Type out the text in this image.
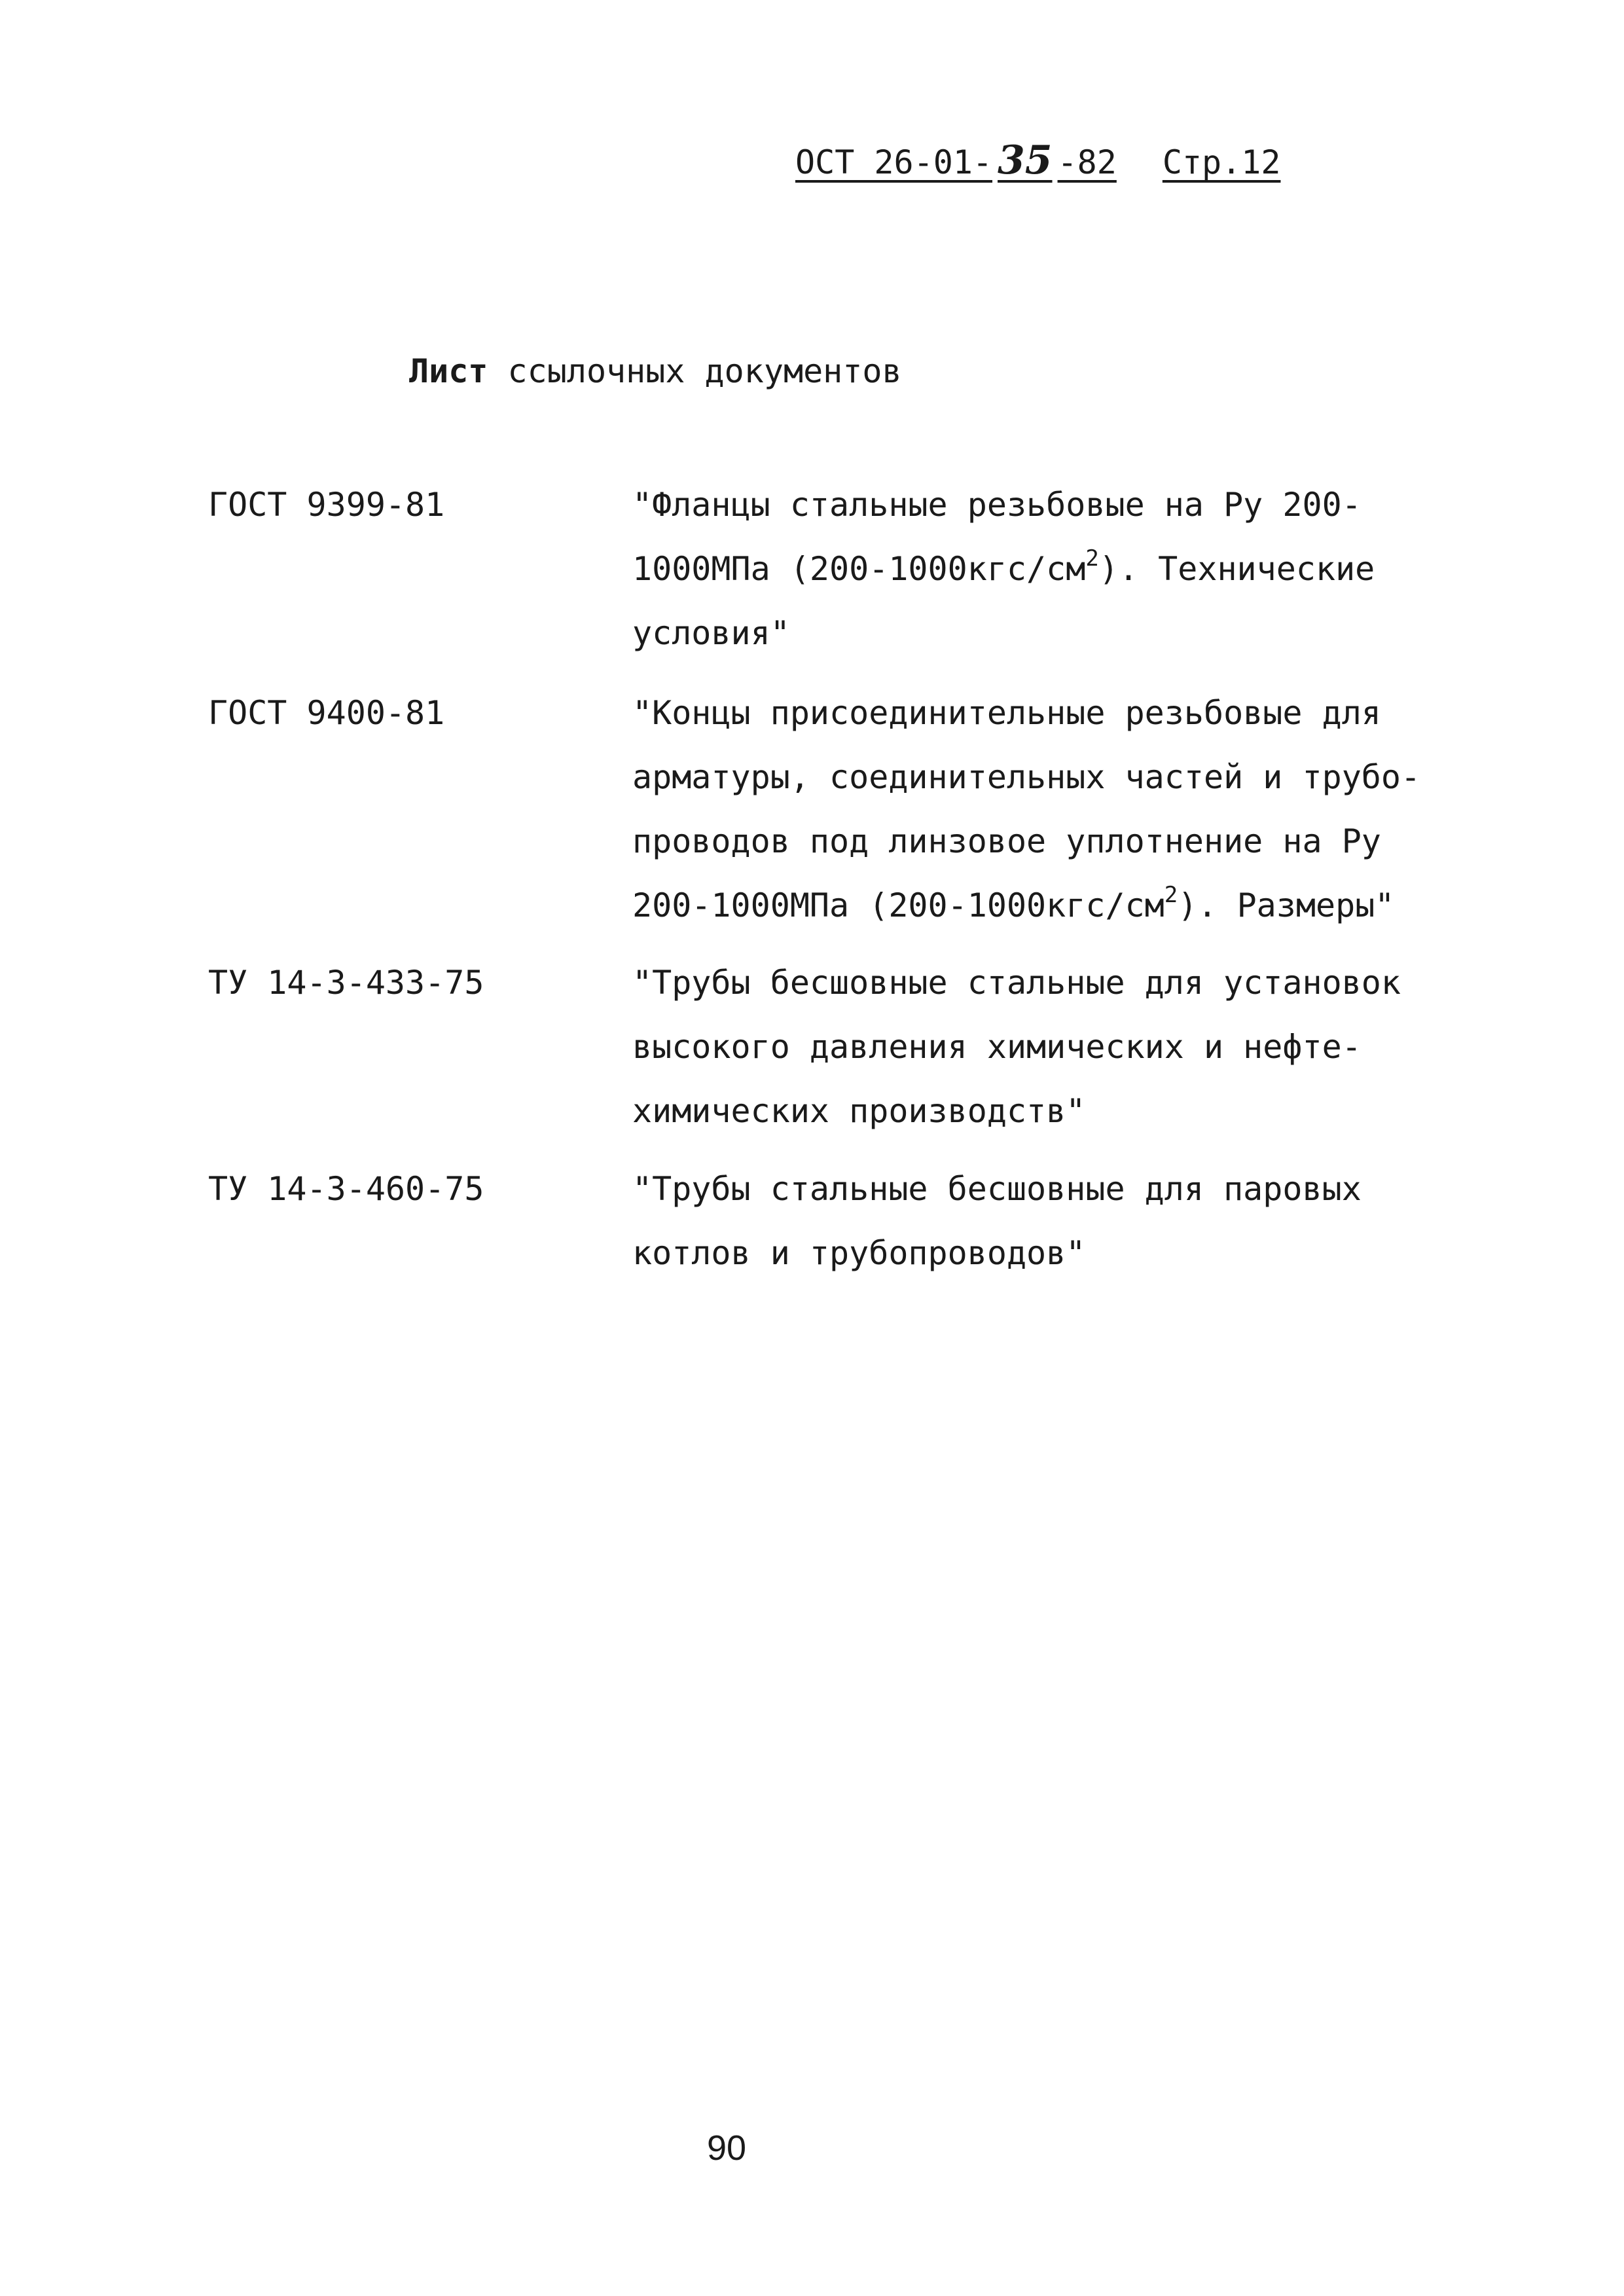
ОСТ 26-01- 35 -82 Стр.12
Лист ссылочных документов
ГОСТ 9399-81	"Фланцы стальные резьбовые на Ру 200-
1000МПа $(200-1000кгс/см^2)$. Технические
условия"
ГОСТ 9400-81	"Концы присоединительные резьбовые для
арматуры, соединительных частей и трубо-
проводов под линзовое уплотнение на Ру
200-1000МПа $(200-1000кгс/см^2)$. Размеры"
ТУ 14-3-433-75	"Трубы бесшовные стальные для установок
высокого давления химических и нефте-
химических производств"
ТУ 14-3-460-75	"Трубы стальные бесшовные для паровых
котлов и трубопроводов"
90
